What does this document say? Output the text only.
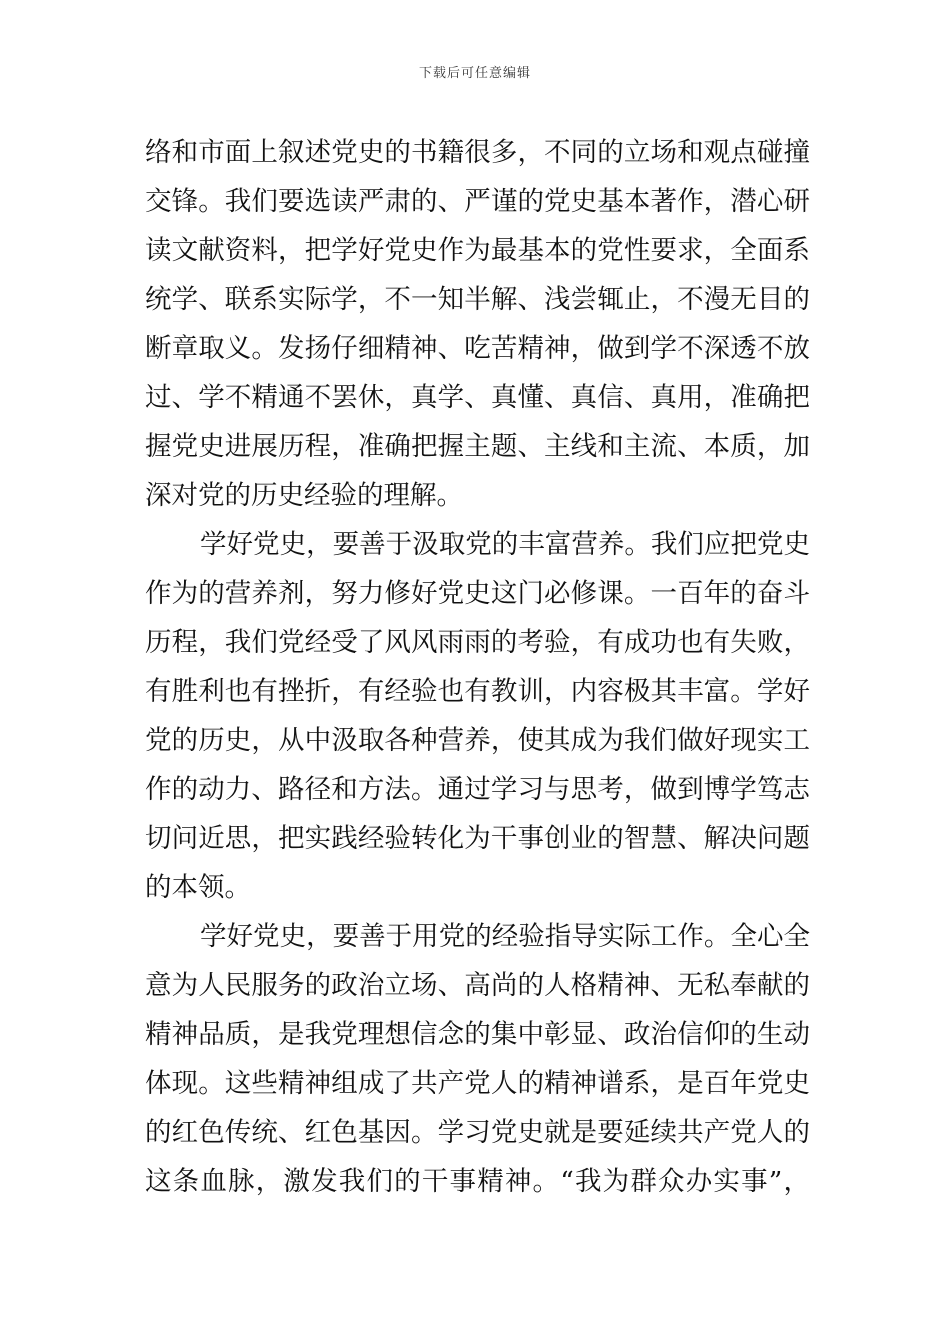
下载后可任意编辑
络和市面上叙述党史的书籍很多，不同的立场和观点碰撞
交锋。我们要选读严肃的、严谨的党史基本著作，潜心研
读文献资料，把学好党史作为最基本的党性要求，全面系
统学、联系实际学，不一知半解、浅尝辄止，不漫无目的
断章取义。发扬仔细精神、吃苦精神，做到学不深透不放
过、学不精通不罢休，真学、真懂、真信、真用，准确把
握党史进展历程，准确把握主题、主线和主流、本质，加
深对党的历史经验的理解。
学好党史，要善于汲取党的丰富营养。我们应把党史
作为的营养剂，努力修好党史这门必修课。一百年的奋斗
历程，我们党经受了风风雨雨的考验，有成功也有失败，
有胜利也有挫折，有经验也有教训，内容极其丰富。学好
党的历史，从中汲取各种营养，使其成为我们做好现实工
作的动力、路径和方法。通过学习与思考，做到博学笃志
切问近思，把实践经验转化为干事创业的智慧、解决问题
的本领。
学好党史，要善于用党的经验指导实际工作。全心全
意为人民服务的政治立场、高尚的人格精神、无私奉献的
精神品质，是我党理想信念的集中彰显、政治信仰的生动
体现。这些精神组成了共产党人的精神谱系，是百年党史
的红色传统、红色基因。学习党史就是要延续共产党人的
这条血脉，激发我们的干事精神。“我为群众办实事”，
